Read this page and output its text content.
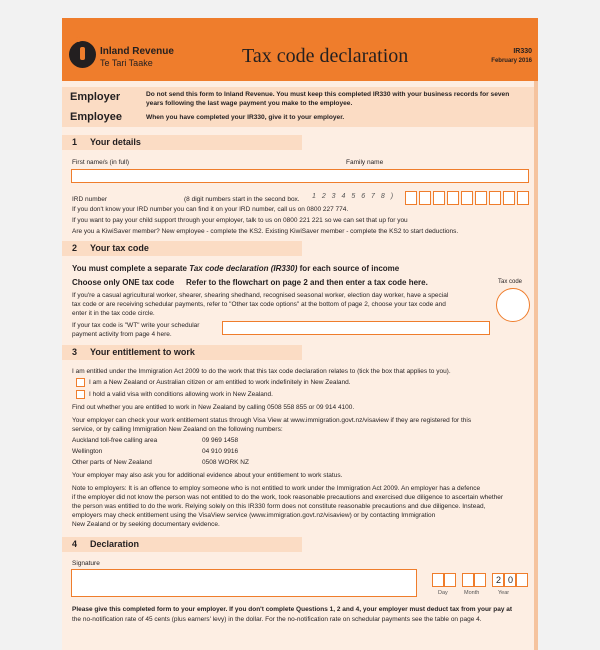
Inland Revenue
Te Tari Taake	Tax code declaration	IR330
February 2016
Employer	Do not send this form to Inland Revenue. You must keep this completed IR330 with your business records for seven years following the last wage payment you make to the employee.
Employee	When you have completed your IR330, give it to your employer.
1 Your details
First name/s (in full)	Family name
IRD number	(8 digit numbers start in the second box. 1 2 3 4 5 6 7 8 )
If you don't know your IRD number you can find it on your IRD number, call us on 0800 227 774.
If you want to pay your child support through your employer, talk to us on 0800 221 221 so we can set that up for you
Are you a KiwiSaver member? New employee - complete the KS2. Existing KiwiSaver member - complete the KS2 to start deductions.
2 Your tax code
You must complete a separate Tax code declaration (IR330) for each source of income
Choose only ONE tax code Refer to the flowchart on page 2 and then enter a tax code here.	Tax code
If you're a casual agricultural worker, shearer, shearing shedhand, recognised seasonal worker, election day worker, have a special
tax code or are receiving schedular payments, refer to "Other tax code options" at the bottom of page 2, choose your tax code and
enter it in the tax code circle.
If your tax code is "WT" write your schedular
payment activity from page 4 here.
3 Your entitlement to work
I am entitled under the Immigration Act 2009 to do the work that this tax code declaration relates to (tick the box that applies to you).
I am a New Zealand or Australian citizen or am entitled to work indefinitely in New Zealand.
I hold a valid visa with conditions allowing work in New Zealand.
Find out whether you are entitled to work in New Zealand by calling 0508 558 855 or 09 914 4100.
Your employer can check your work entitlement status through Visa View at www.immigration.govt.nz/visaview if they are registered for this
service, or by calling Immigration New Zealand on the following numbers:
Auckland toll-free calling area	09 969 1458
Wellington	04 910 9916
Other parts of New Zealand	0508 WORK NZ
Your employer may also ask you for additional evidence about your entitlement to work status.
Note to employers: It is an offence to employ someone who is not entitled to work under the Immigration Act 2009. An employer has a defence
if the employer did not know the person was not entitled to do the work, took reasonable precautions and exercised due diligence to ascertain whether
the person was entitled to do the work. Relying solely on this IR330 form does not constitute reasonable precautions and due diligence. Instead,
employers may check entitlement using the VisaView service (www.immigration.govt.nz/visaview) or by contacting Immigration
New Zealand or by seeking documentary evidence.
4 Declaration
Signature
2 0
Day	Month	Year
Please give this completed form to your employer. If you don't complete Questions 1, 2 and 4, your employer must deduct tax from your pay at
the no-notification rate of 45 cents (plus earners' levy) in the dollar. For the no-notification rate on schedular payments see the table on page 4.
